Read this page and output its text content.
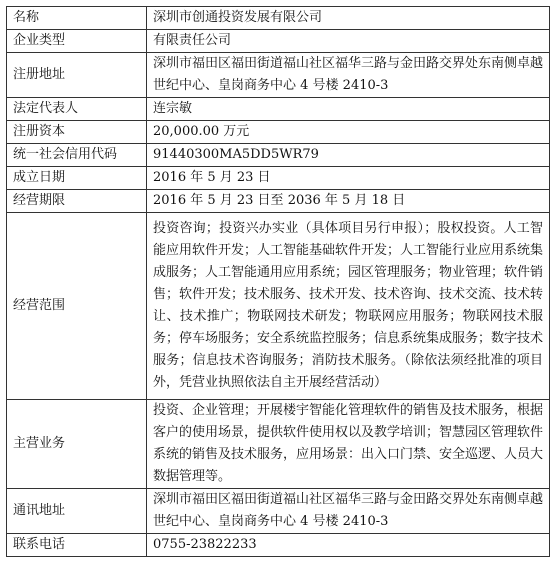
名称	深圳市创通投资发展有限公司
企业类型	有限责任公司
注册地址	深圳市福田区福田街道福山社区福华三路与金田路交界处东南侧卓越世纪中心、皇岗商务中心 4 号楼 2410-3
法定代表人	连宗敏
注册资本	20,000.00 万元
统一社会信用代码	91440300MA5DD5WR79
成立日期	2016 年 5 月 23 日
经营期限	2016 年 5 月 23 日至 2036 年 5 月 18 日
经营范围	投资咨询；投资兴办实业（具体项目另行申报）；股权投资。人工智能应用软件开发；人工智能基础软件开发；人工智能行业应用系统集成服务；人工智能通用应用系统；园区管理服务；物业管理；软件销售；软件开发；技术服务、技术开发、技术咨询、技术交流、技术转让、技术推广；物联网技术研发；物联网应用服务；物联网技术服务；停车场服务；安全系统监控服务；信息系统集成服务；数字技术服务；信息技术咨询服务；消防技术服务。（除依法须经批准的项目外，凭营业执照依法自主开展经营活动）
主营业务	投资、企业管理；开展楼宇智能化管理软件的销售及技术服务，根据客户的使用场景，提供软件使用权以及教学培训；智慧园区管理软件系统的销售及技术服务，应用场景：出入口门禁、安全巡逻、人员大数据管理等。
通讯地址	深圳市福田区福田街道福山社区福华三路与金田路交界处东南侧卓越世纪中心、皇岗商务中心 4 号楼 2410-3
联系电话	0755-23822233
